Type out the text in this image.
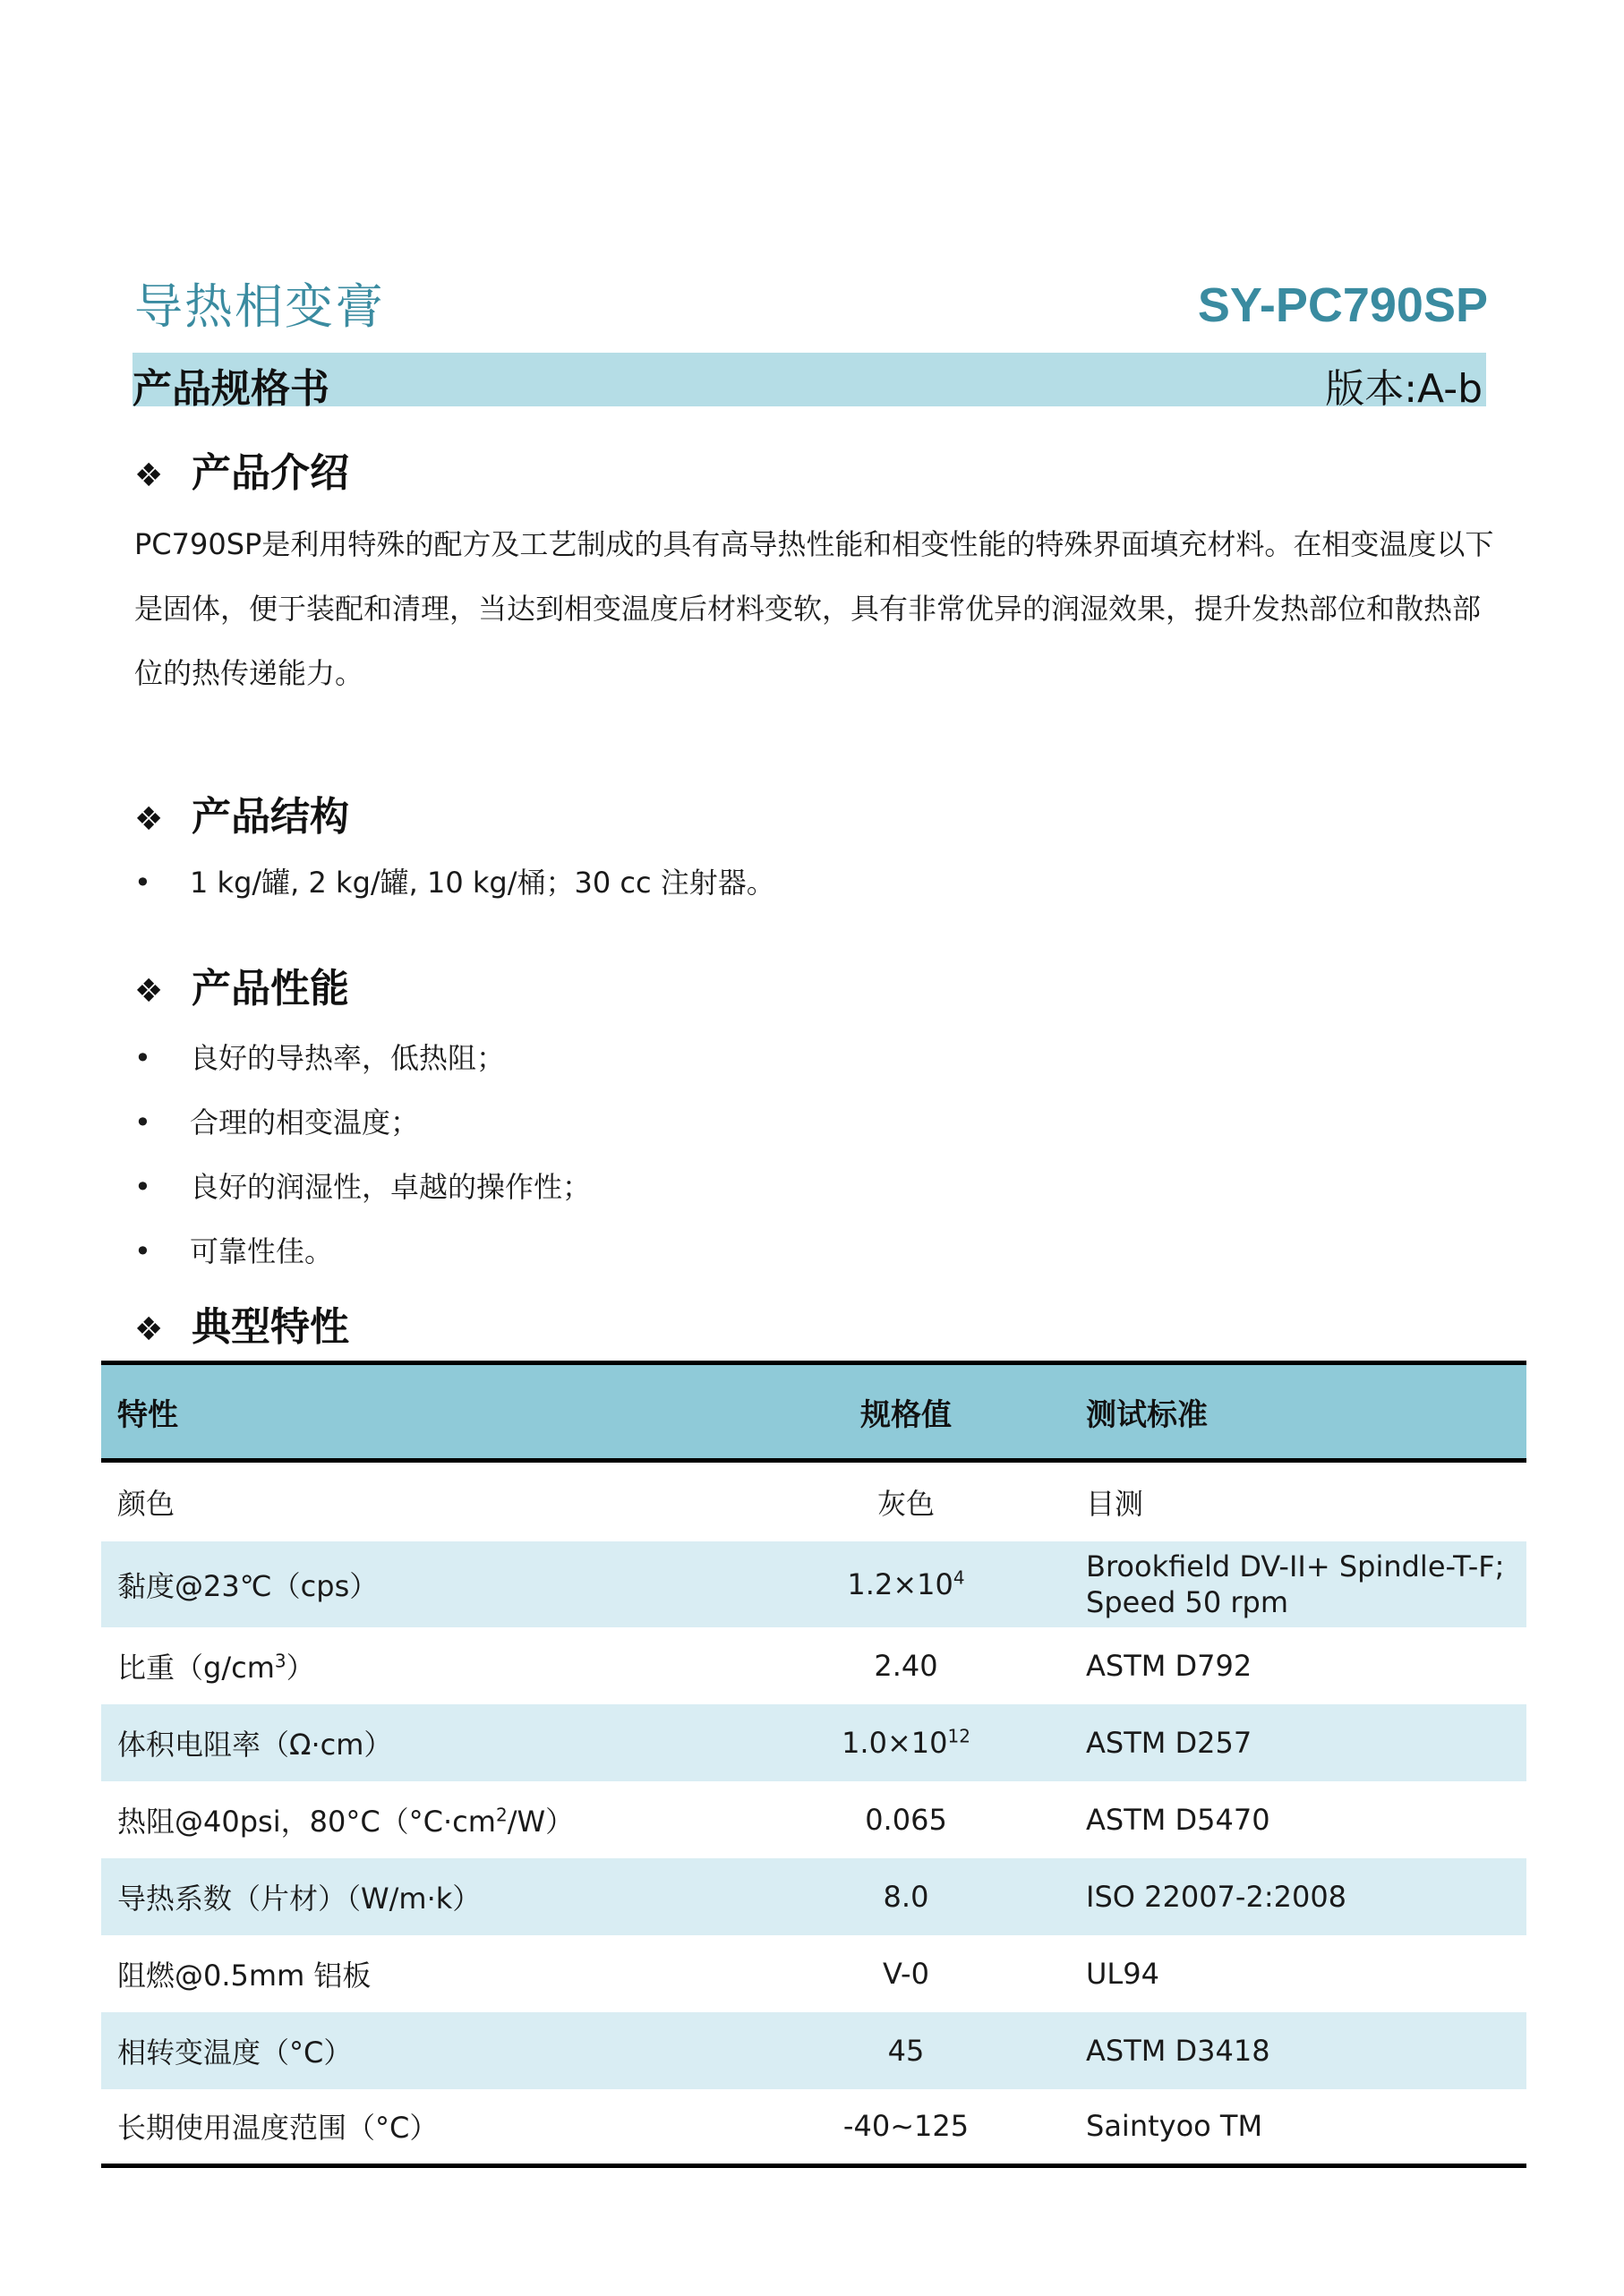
导热相变膏	SY-PC790SP
产品规格书	版本:A-b
❖ 产品介绍
PC790SP是利用特殊的配方及工艺制成的具有高导热性能和相变性能的特殊界面填充材料。在相变温度以下是固体，便于装配和清理，当达到相变温度后材料变软，具有非常优异的润湿效果，提升发热部位和散热部位的热传递能力。
❖ 产品结构
• 1 kg/罐, 2 kg/罐, 10 kg/桶；30 cc 注射器。
❖ 产品性能
• 良好的导热率，低热阻；
• 合理的相变温度；
• 良好的润湿性，卓越的操作性；
• 可靠性佳。
❖ 典型特性
特性	规格值	测试标准
颜色	灰色	目测
黏度@23℃（cps）	$1.2\times 10^4$	Brookfield DV-II+ Spindle-T-F;
Speed 50 rpm

比重$(g/cm^3)$	2.40	ASTM D792
体积电阻率（Ω·cm）	$1.0\times 10^{12}$	ASTM D257
热阻@40psi，$80^\circ C(^\circ C\cdot cm^2/W)$	0.065	ASTM D5470
导热系数（片材）（W/m·k）	8.0	ISO 22007-2:2008
阻燃@0.5mm 铝板	V-0	UL94
相转变温度（°C）	45	ASTM D3418
长期使用温度范围（°C）	-40~125	Saintyoo TM
